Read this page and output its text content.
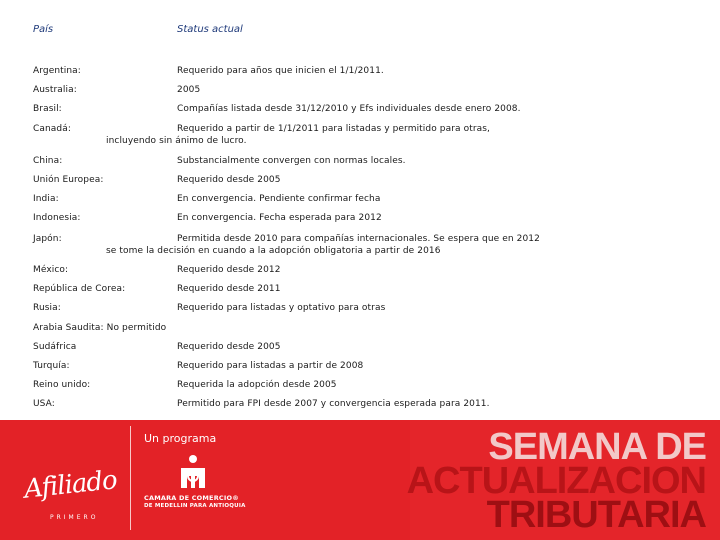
País	Status actual
Argentina:	Requerido para años que inicien el 1/1/2011.
Australia:	2005
Brasil:	Compañías listada desde 31/12/2010 y Efs individuales desde enero 2008.
Canadá:	Requerido a partir de 1/1/2011 para listadas y permitido para otras,
incluyendo sin ánimo de lucro.
China:	Substancialmente convergen con normas locales.
Unión Europea:	Requerido desde 2005
India:	En convergencia. Pendiente confirmar fecha
Indonesia:	En convergencia. Fecha esperada para 2012
Japón:	Permitida desde 2010 para compañías internacionales. Se espera que en 2012
se tome la decisión en cuando a la adopción obligatoria a partir de 2016
México:	Requerido desde 2012
República de Corea:	Requerido desde 2011
Rusia:	Requerido para listadas y optativo para otras
Arabia Saudita: No permitido
Sudáfrica	Requerido desde 2005
Turquía:	Requerido para listadas a partir de 2008
Reino unido:	Requerida la adopción desde 2005
USA:	Permitido para FPI desde 2007 y convergencia esperada para 2011.
Afiliado
PRIMERO
Un programa
CAMARA DE COMERCIO®
DE MEDELLIN PARA ANTIOQUIA
SEMANA DE
ACTUALIZACION
TRIBUTARIA
